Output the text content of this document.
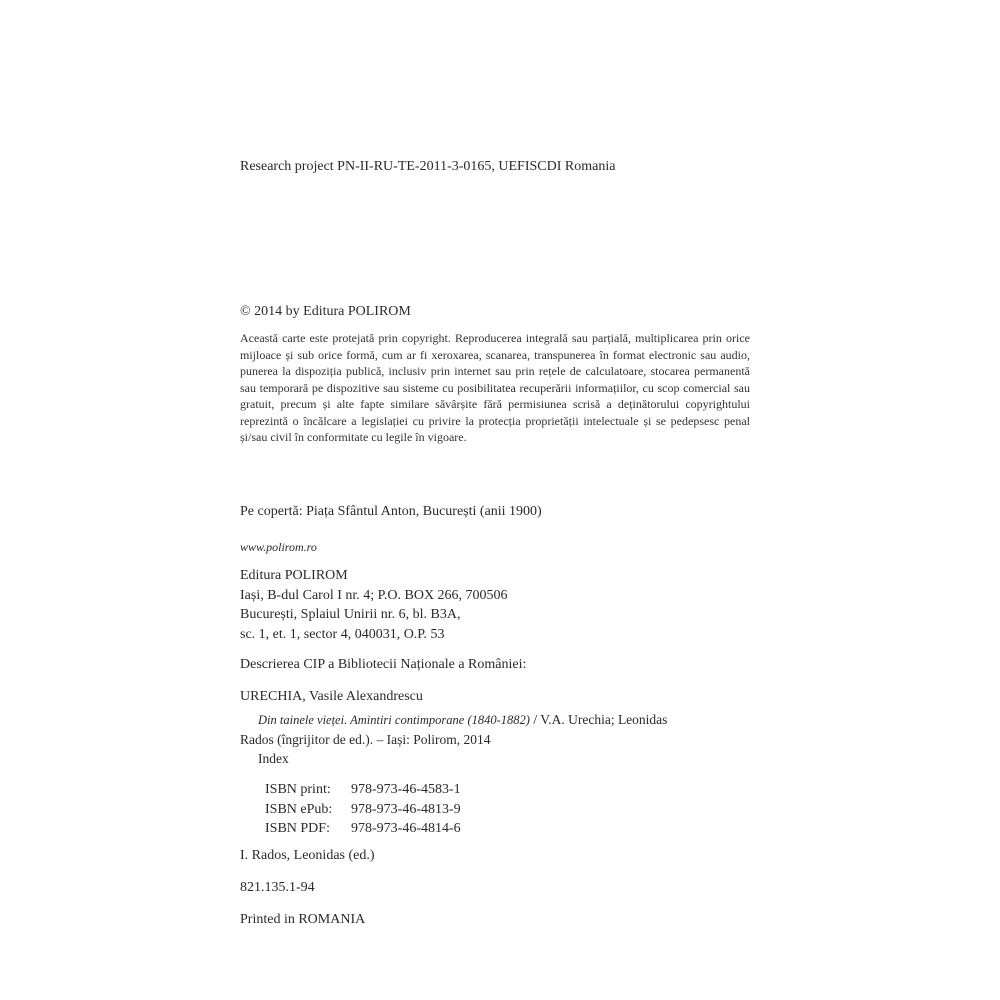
Research project PN-II-RU-TE-2011-3-0165, UEFISCDI Romania
© 2014 by Editura POLIROM
Această carte este protejată prin copyright. Reproducerea integrală sau parțială, multiplicarea prin orice mijloace și sub orice formă, cum ar fi xeroxarea, scanarea, transpunerea în format electronic sau audio, punerea la dispoziția publică, inclusiv prin internet sau prin rețele de calculatoare, stocarea permanentă sau temporară pe dispozitive sau sisteme cu posibilitatea recuperării informațiilor, cu scop comercial sau gratuit, precum și alte fapte similare săvârșite fără permisiunea scrisă a deținătorului copyrightului reprezintă o încălcare a legislației cu privire la protecția proprietății intelectuale și se pedepsesc penal și/sau civil în conformitate cu legile în vigoare.
Pe copertă: Piața Sfântul Anton, București (anii 1900)
www.polirom.ro
Editura POLIROM
Iași, B-dul Carol I nr. 4; P.O. BOX 266, 700506
București, Splaiul Unirii nr. 6, bl. B3A,
sc. 1, et. 1, sector 4, 040031, O.P. 53
Descrierea CIP a Bibliotecii Naționale a României:
URECHIA, Vasile Alexandrescu
Din tainele vieței. Amintiri contimporane (1840-1882) / V.A. Urechia; Leonidas
Rados (îngrijitor de ed.). – Iași: Polirom, 2014
Index
ISBN print:	978-973-46-4583-1
ISBN ePub:	978-973-46-4813-9
ISBN PDF:	978-973-46-4814-6
I. Rados, Leonidas (ed.)
821.135.1-94
Printed in ROMANIA
